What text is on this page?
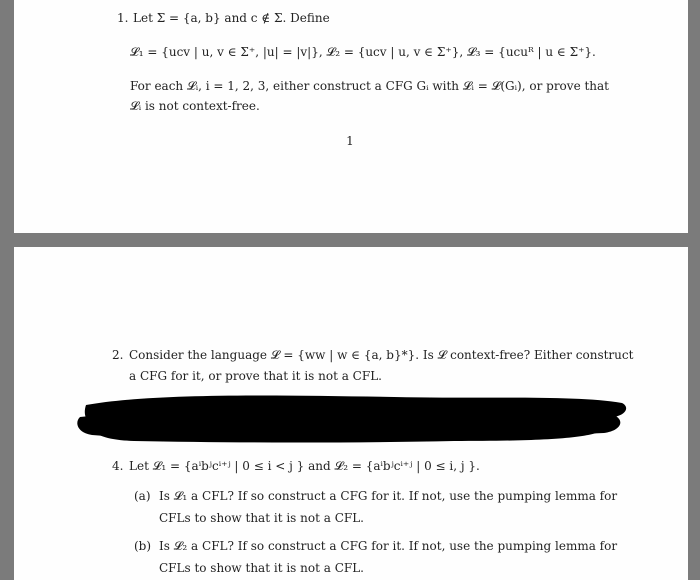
1. Let Σ = {a, b} and c ∉ Σ. Define
𝓛₁ = {ucv | u, v ∈ Σ⁺, |u| = |v|}, 𝓛₂ = {ucv | u, v ∈ Σ⁺}, 𝓛₃ = {ucuᴿ | u ∈ Σ⁺}.
For each 𝓛ᵢ, i = 1, 2, 3, either construct a CFG Gᵢ with 𝓛ᵢ = 𝓛(Gᵢ), or prove that
𝓛ᵢ is not context-free.
1
2. Consider the language 𝓛 = {ww | w ∈ {a, b}*}. Is 𝓛 context-free? Either construct
a CFG for it, or prove that it is not a CFL.
4. Let 𝓛₁ = {aⁱbʲcⁱ⁺ʲ | 0 ≤ i < j } and 𝓛₂ = {aⁱbʲcⁱ⁺ʲ | 0 ≤ i, j }.
(a) Is 𝓛₁ a CFL? If so construct a CFG for it. If not, use the pumping lemma for
CFLs to show that it is not a CFL.
(b) Is 𝓛₂ a CFL? If so construct a CFG for it. If not, use the pumping lemma for
CFLs to show that it is not a CFL.
